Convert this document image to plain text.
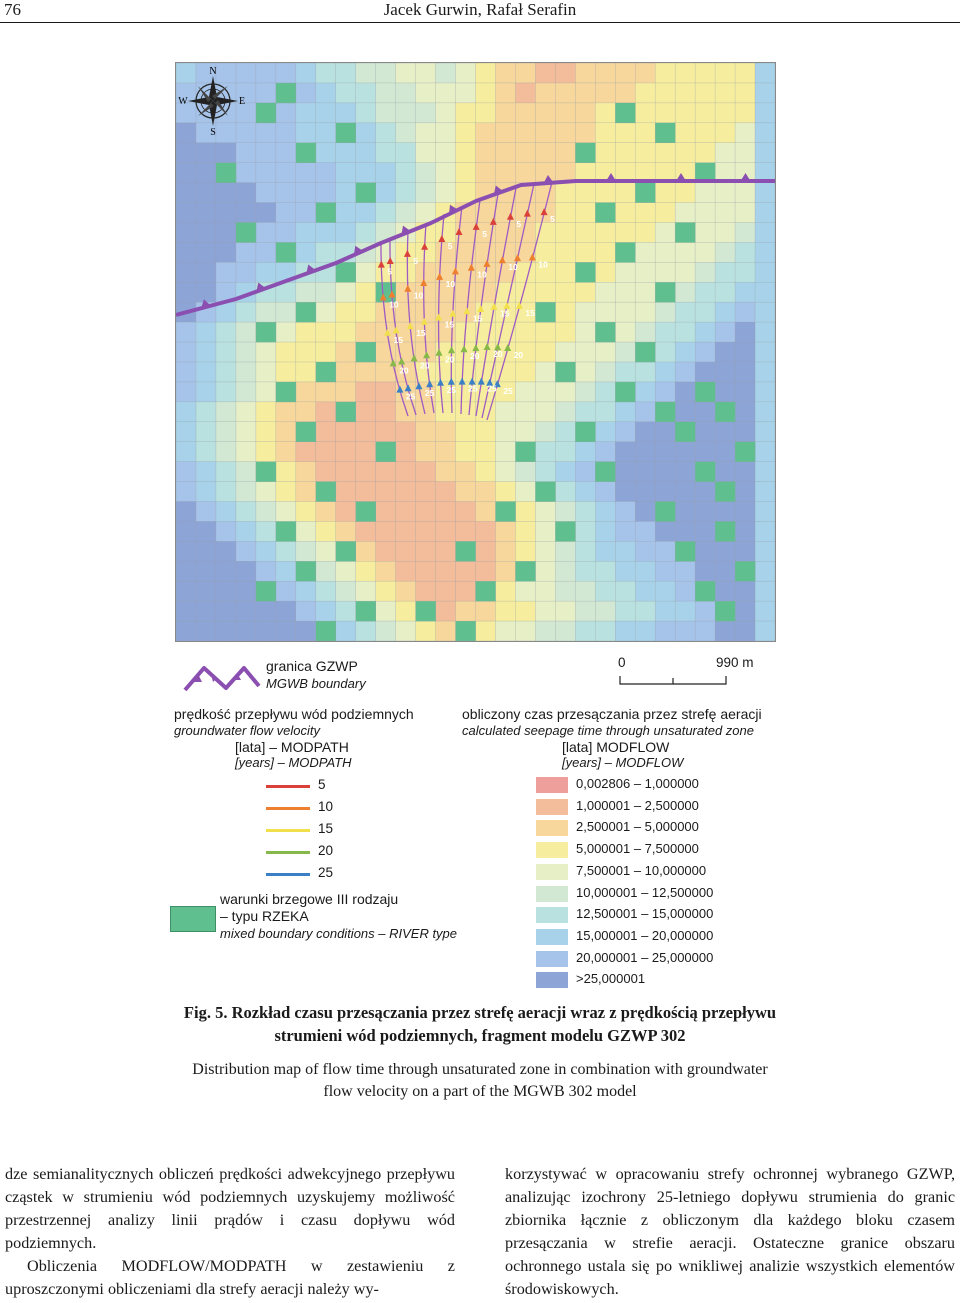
76	Jacek Gurwin, Rafał Serafin
5
10
15
20
25
5
10
15
20
25
5
10
15
20
25
5
10
15
20
25
5
10
15
20
25
5
10
15
20
25
N
S
E
W
granica GZWP
MGWB boundary
0	990 m
prędkość przepływu wód podziemnych
groundwater flow velocity
[lata] – MODPATH
[years] – MODPATH
5
10
15
20
25
warunki brzegowe III rodzaju
– typu RZEKA
mixed boundary conditions – RIVER type
obliczony czas przesączania przez strefę aeracji
calculated seepage time through unsaturated zone
[lata] MODFLOW
[years] – MODFLOW
0,002806 – 1,000000
1,000001 – 2,500000
2,500001 – 5,000000
5,000001 – 7,500000
7,500001 – 10,000000
10,000001 – 12,500000
12,500001 – 15,000000
15,000001 – 20,000000
20,000001 – 25,000000
>25,000001
Fig. 5. Rozkład czasu przesączania przez strefę aeracji wraz z prędkością przepływu
strumieni wód podziemnych, fragment modelu GZWP 302
Distribution map of flow time through unsaturated zone in combination with groundwater
flow velocity on a part of the MGWB 302 model

dze semianalitycznych obliczeń prędkości adwekcyjnego przepływu cząstek w strumieniu wód podziemnych uzyskujemy możliwość przestrzennej analizy linii prądów i czasu dopływu wód podziemnych.

Obliczenia MODFLOW/MODPATH w zestawieniu z uproszczonymi obliczeniami dla strefy aeracji należy wy-

korzystywać w opracowaniu strefy ochronnej wybranego GZWP, analizując izochrony 25-letniego dopływu strumienia do granic zbiornika łącznie z obliczonym dla każdego bloku czasem przesączania w strefie aeracji. Ostateczne granice obszaru ochronnego ustala się po wnikliwej analizie wszystkich elementów środowiskowych.
